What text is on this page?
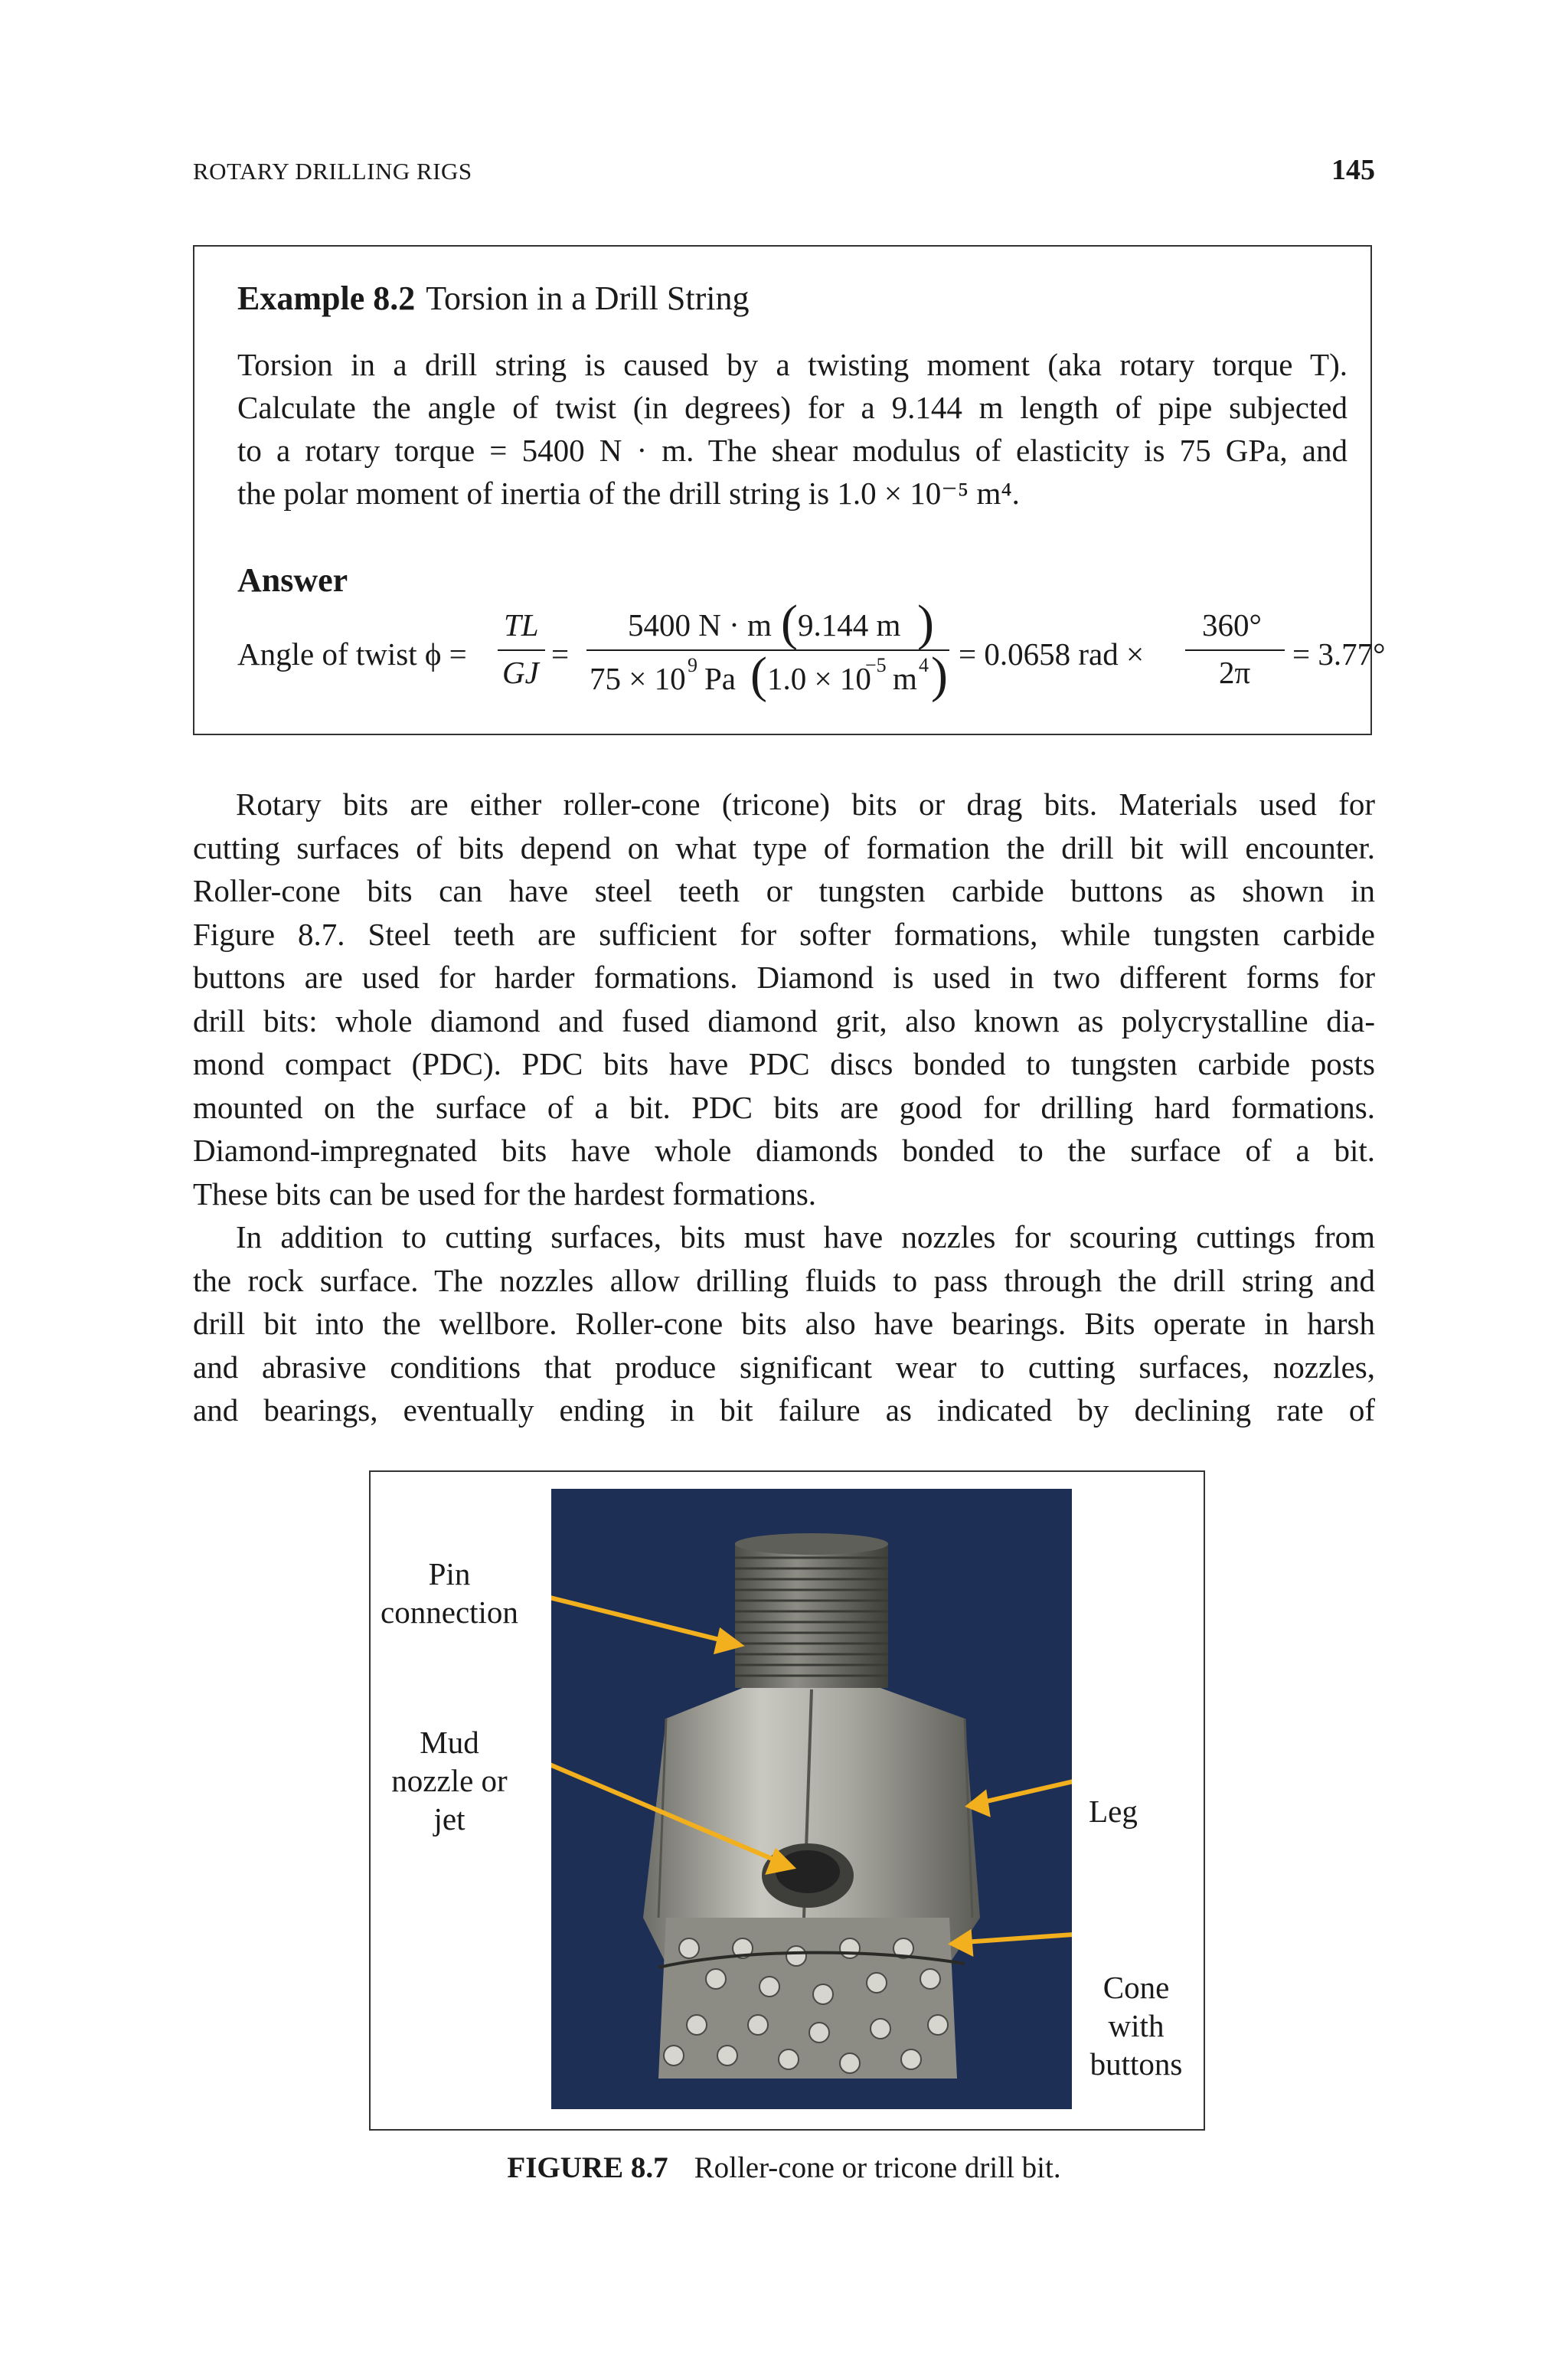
ROTARY DRILLING RIGS	145
Example 8.2 Torsion in a Drill String
Torsion in a drill string is caused by a twisting moment (aka rotary torque T).
Calculate the angle of twist (in degrees) for a 9.144 m length of pipe subjected
to a rotary torque = 5400 N · m. The shear modulus of elasticity is 75 GPa, and
the polar moment of inertia of the drill string is 1.0 × 10⁻⁵ m⁴.
Answer
Angle of twist ϕ =
TL
GJ
=
5400 N · m ( 9.144 m )
75 × 10 9 Pa ( 1.0 × 10
−5 m 4 ) = 0.0658 rad ×
360°
2π
= 3.77°
Rotary bits are either roller-cone (tricone) bits or drag bits. Materials used for
cutting surfaces of bits depend on what type of formation the drill bit will encounter.
Roller-cone bits can have steel teeth or tungsten carbide buttons as shown in
Figure 8.7. Steel teeth are sufficient for softer formations, while tungsten carbide
buttons are used for harder formations. Diamond is used in two different forms for
drill bits: whole diamond and fused diamond grit, also known as polycrystalline dia-
mond compact (PDC). PDC bits have PDC discs bonded to tungsten carbide posts
mounted on the surface of a bit. PDC bits are good for drilling hard formations.
Diamond-impregnated bits have whole diamonds bonded to the surface of a bit.
These bits can be used for the hardest formations.
In addition to cutting surfaces, bits must have nozzles for scouring cuttings from
the rock surface. The nozzles allow drilling fluids to pass through the drill string and
drill bit into the wellbore. Roller-cone bits also have bearings. Bits operate in harsh
and abrasive conditions that produce significant wear to cutting surfaces, nozzles,
and bearings, eventually ending in bit failure as indicated by declining rate of
Pin
connection
Mud
nozzle or
jet	Leg
Cone
with
buttons
FIGURE 8.7 Roller-cone or tricone drill bit.
